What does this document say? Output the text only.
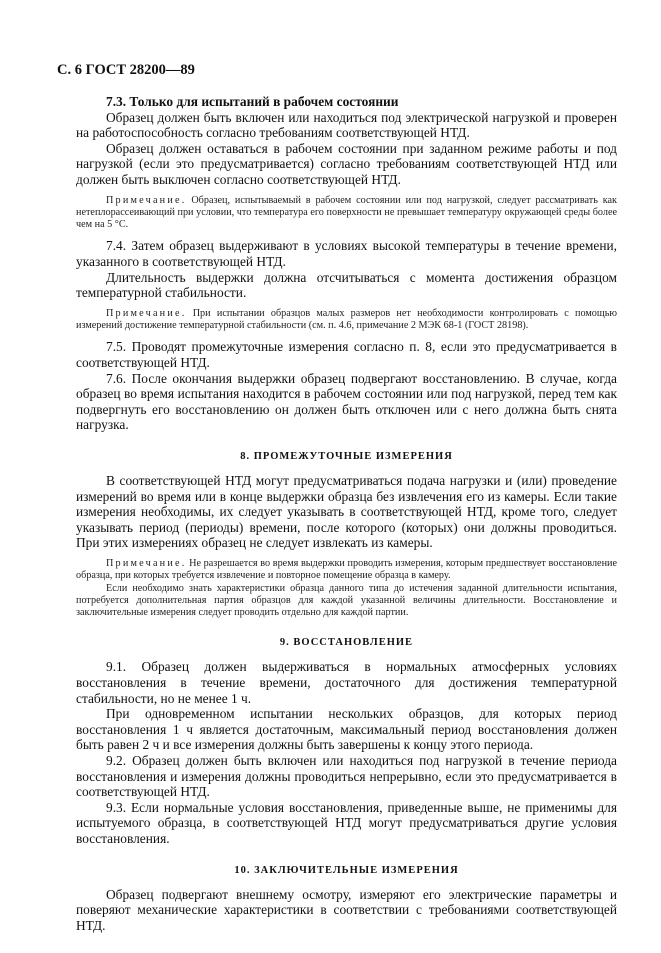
С. 6 ГОСТ 28200—89
7.3. Только для испытаний в рабочем состоянии

Образец должен быть включен или находиться под электрической нагрузкой и проверен на работоспособность согласно требованиям соответствующей НТД.

Образец должен оставаться в рабочем состоянии при заданном режиме работы и под нагрузкой (если это предусматривается) согласно требованиям соответствующей НТД или должен быть выключен согласно соответствующей НТД.

Примечание. Образец, испытываемый в рабочем состоянии или под нагрузкой, следует рассматривать как нетеплорассеивающий при условии, что температура его поверхности не превышает температуру окружающей среды более чем на 5 °С.

7.4. Затем образец выдерживают в условиях высокой температуры в течение времени, указанного в соответствующей НТД.

Длительность выдержки должна отсчитываться с момента достижения образцом температурной стабильности.

Примечание. При испытании образцов малых размеров нет необходимости контролировать с помощью измерений достижение температурной стабильности (см. п. 4.6, примечание 2 МЭК 68-1 (ГОСТ 28198).

7.5. Проводят промежуточные измерения согласно п. 8, если это предусматривается в соответствующей НТД.

7.6. После окончания выдержки образец подвергают восстановлению. В случае, когда образец во время испытания находится в рабочем состоянии или под нагрузкой, перед тем как подвергнуть его восстановлению он должен быть отключен или с него должна быть снята нагрузка.

8. ПРОМЕЖУТОЧНЫЕ ИЗМЕРЕНИЯ

В соответствующей НТД могут предусматриваться подача нагрузки и (или) проведение измерений во время или в конце выдержки образца без извлечения его из камеры. Если такие измерения необходимы, их следует указывать в соответствующей НТД, кроме того, следует указывать период (периоды) времени, после которого (которых) они должны проводиться. При этих измерениях образец не следует извлекать из камеры.

Примечание. Не разрешается во время выдержки проводить измерения, которым предшествует восстановление образца, при которых требуется извлечение и повторное помещение образца в камеру.

Если необходимо знать характеристики образца данного типа до истечения заданной длительности испытания, потребуется дополнительная партия образцов для каждой указанной величины длительности. Восстановление и заключительные измерения следует проводить отдельно для каждой партии.

9. ВОССТАНОВЛЕНИЕ

9.1. Образец должен выдерживаться в нормальных атмосферных условиях восстановления в течение времени, достаточного для достижения температурной стабильности, но не менее 1 ч.

При одновременном испытании нескольких образцов, для которых период восстановления 1 ч является достаточным, максимальный период восстановления должен быть равен 2 ч и все измерения должны быть завершены к концу этого периода.

9.2. Образец должен быть включен или находиться под нагрузкой в течение периода восстановления и измерения должны проводиться непрерывно, если это предусматривается в соответствующей НТД.

9.3. Если нормальные условия восстановления, приведенные выше, не применимы для испытуемого образца, в соответствующей НТД могут предусматриваться другие условия восстановления.

10. ЗАКЛЮЧИТЕЛЬНЫЕ ИЗМЕРЕНИЯ

Образец подвергают внешнему осмотру, измеряют его электрические параметры и поверяют механические характеристики в соответствии с требованиями соответствующей НТД.
